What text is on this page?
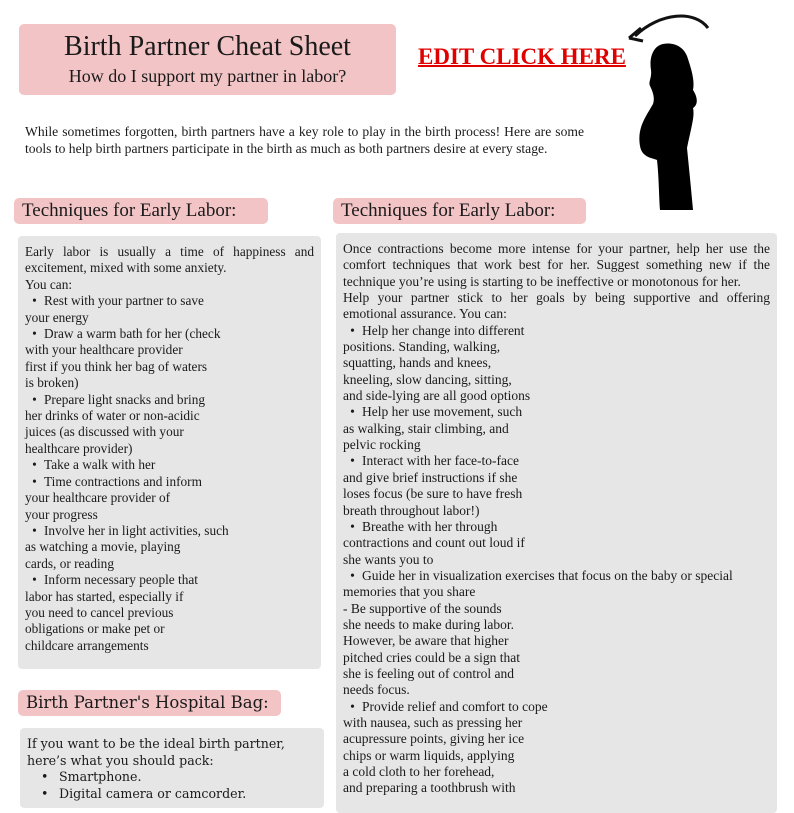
Birth Partner Cheat Sheet
How do I support my partner in labor?
EDIT CLICK HERE
While sometimes forgotten, birth partners have a key role to play in the birth process! Here are some tools to help birth partners participate in the birth as much as both partners desire at every stage.
Techniques for Early Labor:	Techniques for Early Labor:
Early labor is usually a time of happiness and
excitement, mixed with some anxiety.
You can:
• Rest with your partner to save
your energy
• Draw a warm bath for her (check
with your healthcare provider
first if you think her bag of waters
is broken)
• Prepare light snacks and bring
her drinks of water or non-acidic
juices (as discussed with your
healthcare provider)
• Take a walk with her
• Time contractions and inform
your healthcare provider of
your progress
• Involve her in light activities, such
as watching a movie, playing
cards, or reading
• Inform necessary people that
labor has started, especially if
you need to cancel previous
obligations or make pet or
childcare arrangements
Once contractions become more intense for your partner, help her use the
comfort techniques that work best for her. Suggest something new if the
technique you’re using is starting to be ineffective or monotonous for her.
Help your partner stick to her goals by being supportive and offering
emotional assurance. You can:
• Help her change into different
positions. Standing, walking,
squatting, hands and knees,
kneeling, slow dancing, sitting,
and side-lying are all good options
• Help her use movement, such
as walking, stair climbing, and
pelvic rocking
• Interact with her face-to-face
and give brief instructions if she
loses focus (be sure to have fresh
breath throughout labor!)
• Breathe with her through
contractions and count out loud if
she wants you to
• Guide her in visualization exercises that focus on the baby or special
memories that you share
- Be supportive of the sounds
she needs to make during labor.
However, be aware that higher
pitched cries could be a sign that
she is feeling out of control and
needs focus.
• Provide relief and comfort to cope
with nausea, such as pressing her
acupressure points, giving her ice
chips or warm liquids, applying
a cold cloth to her forehead,
and preparing a toothbrush with
Birth Partner's Hospital Bag:
If you want to be the ideal birth partner,
here’s what you should pack:
• Smartphone.
• Digital camera or camcorder.
